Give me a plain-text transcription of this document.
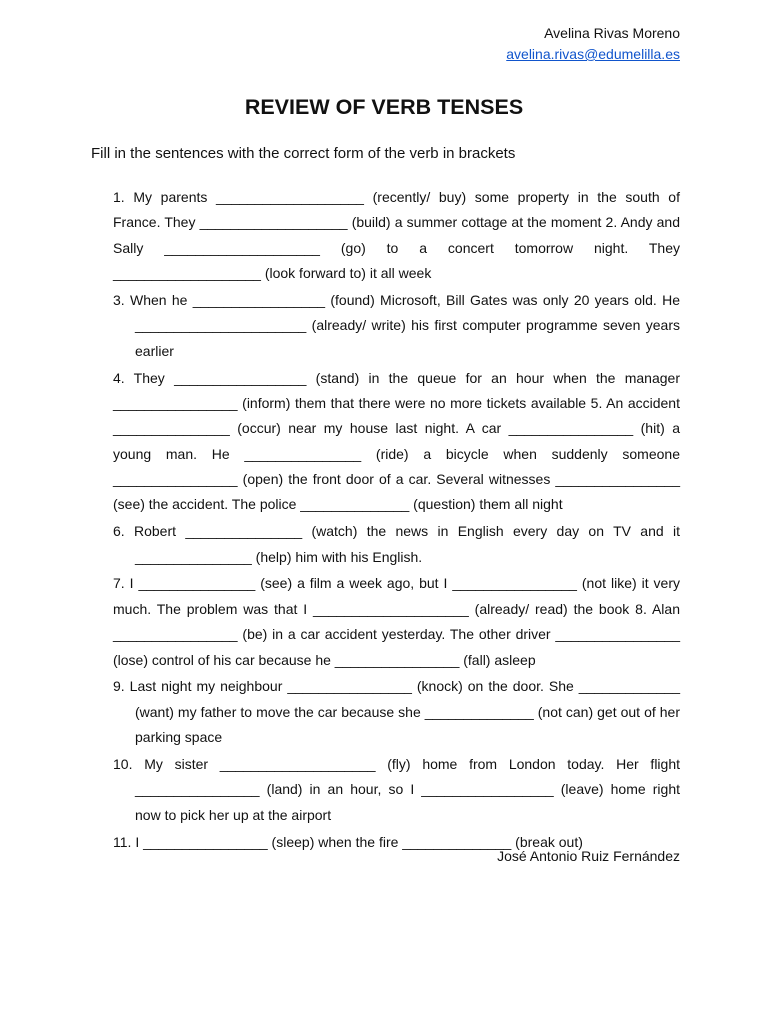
Avelina Rivas Moreno

avelina.rivas@edumelilla.es
REVIEW OF VERB TENSES

Fill in the sentences with the correct form of the verb in brackets

1. My parents ___________________ (recently/ buy) some property in the south of
France. They ___________________ (build) a summer cottage at the moment 2. Andy and
Sally ____________________ (go) to a concert tomorrow night. They
___________________ (look forward to) it all week
3. When he _________________ (found) Microsoft, Bill Gates was only 20 years old. He
______________________ (already/ write) his first computer programme seven years
earlier
4. They _________________ (stand) in the queue for an hour when the manager
________________ (inform) them that there were no more tickets available 5. An accident
_______________ (occur) near my house last night. A car ________________ (hit) a
young man. He _______________ (ride) a bicycle when suddenly someone
________________ (open) the front door of a car. Several witnesses ________________
(see) the accident. The police ______________ (question) them all night
6. Robert _______________ (watch) the news in English every day on TV and it
_______________ (help) him with his English.
7. I _______________ (see) a film a week ago, but I ________________ (not like) it very
much. The problem was that I ____________________ (already/ read) the book 8. Alan
________________ (be) in a car accident yesterday. The other driver ________________
(lose) control of his car because he ________________ (fall) asleep
9. Last night my neighbour ________________ (knock) on the door. She _____________
(want) my father to move the car because she ______________ (not can) get out of her
parking space
10. My sister ____________________ (fly) home from London today. Her flight
________________ (land) in an hour, so I _________________ (leave) home right
now to pick her up at the airport
11. I ________________ (sleep) when the fire ______________ (break out)

José Antonio Ruiz Fernández
